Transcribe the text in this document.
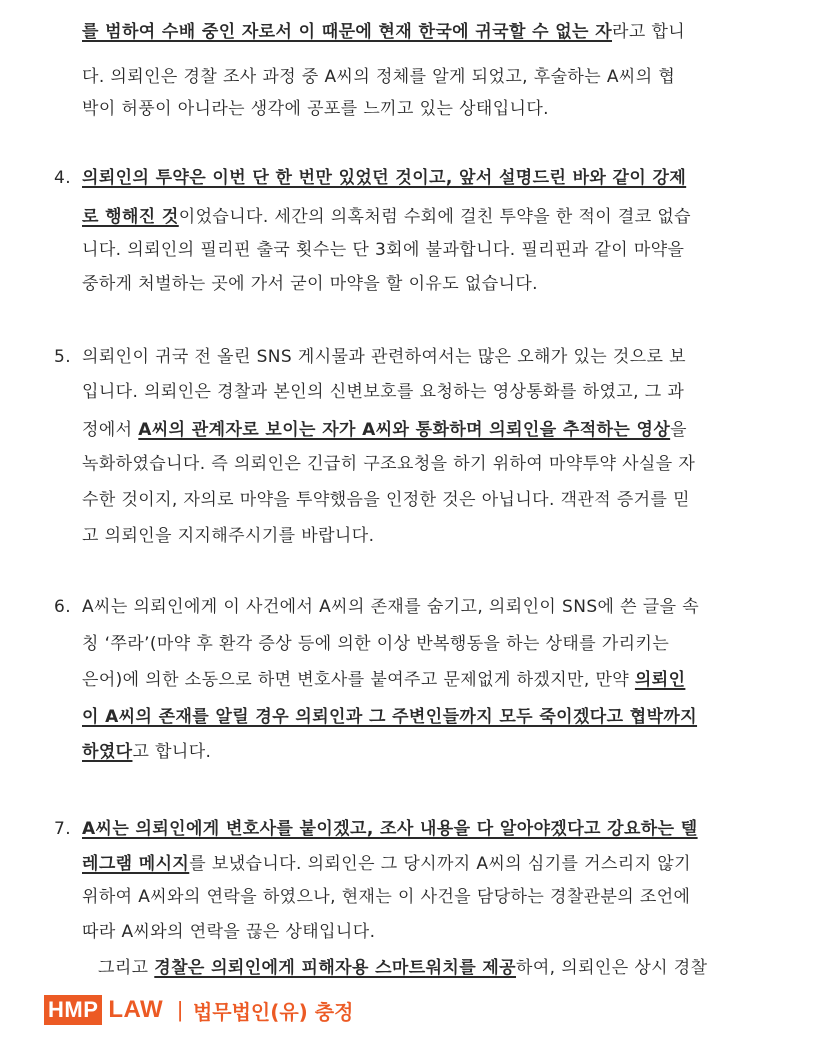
를 범하여 수배 중인 자로서 이 때문에 현재 한국에 귀국할 수 없는 자라고 합니
다. 의뢰인은 경찰 조사 과정 중 A씨의 정체를 알게 되었고, 후술하는 A씨의 협
박이 허풍이 아니라는 생각에 공포를 느끼고 있는 상태입니다.
4. 의뢰인의 투약은 이번 단 한 번만 있었던 것이고, 앞서 설명드린 바와 같이 강제
로 행해진 것이었습니다. 세간의 의혹처럼 수회에 걸친 투약을 한 적이 결코 없습
니다. 의뢰인의 필리핀 출국 횟수는 단 3회에 불과합니다. 필리핀과 같이 마약을
중하게 처벌하는 곳에 가서 굳이 마약을 할 이유도 없습니다.
5. 의뢰인이 귀국 전 올린 SNS 게시물과 관련하여서는 많은 오해가 있는 것으로 보
입니다. 의뢰인은 경찰과 본인의 신변보호를 요청하는 영상통화를 하였고, 그 과
정에서 A씨의 관계자로 보이는 자가 A씨와 통화하며 의뢰인을 추적하는 영상을
녹화하였습니다. 즉 의뢰인은 긴급히 구조요청을 하기 위하여 마약투약 사실을 자
수한 것이지, 자의로 마약을 투약했음을 인정한 것은 아닙니다. 객관적 증거를 믿
고 의뢰인을 지지해주시기를 바랍니다.
6. A씨는 의뢰인에게 이 사건에서 A씨의 존재를 숨기고, 의뢰인이 SNS에 쓴 글을 속
칭 ‘쭈라’(마약 후 환각 증상 등에 의한 이상 반복행동을 하는 상태를 가리키는
은어)에 의한 소동으로 하면 변호사를 붙여주고 문제없게 하겠지만, 만약 의뢰인
이 A씨의 존재를 알릴 경우 의뢰인과 그 주변인들까지 모두 죽이겠다고 협박까지
하였다고 합니다.
7. A씨는 의뢰인에게 변호사를 붙이겠고, 조사 내용을 다 알아야겠다고 강요하는 텔
레그램 메시지를 보냈습니다. 의뢰인은 그 당시까지 A씨의 심기를 거스리지 않기
위하여 A씨와의 연락을 하였으나, 현재는 이 사건을 담당하는 경찰관분의 조언에
따라 A씨와의 연락을 끊은 상태입니다.
그리고 경찰은 의뢰인에게 피해자용 스마트워치를 제공하여, 의뢰인은 상시 경찰
HMP LAW | 법무법인(유) 충정
